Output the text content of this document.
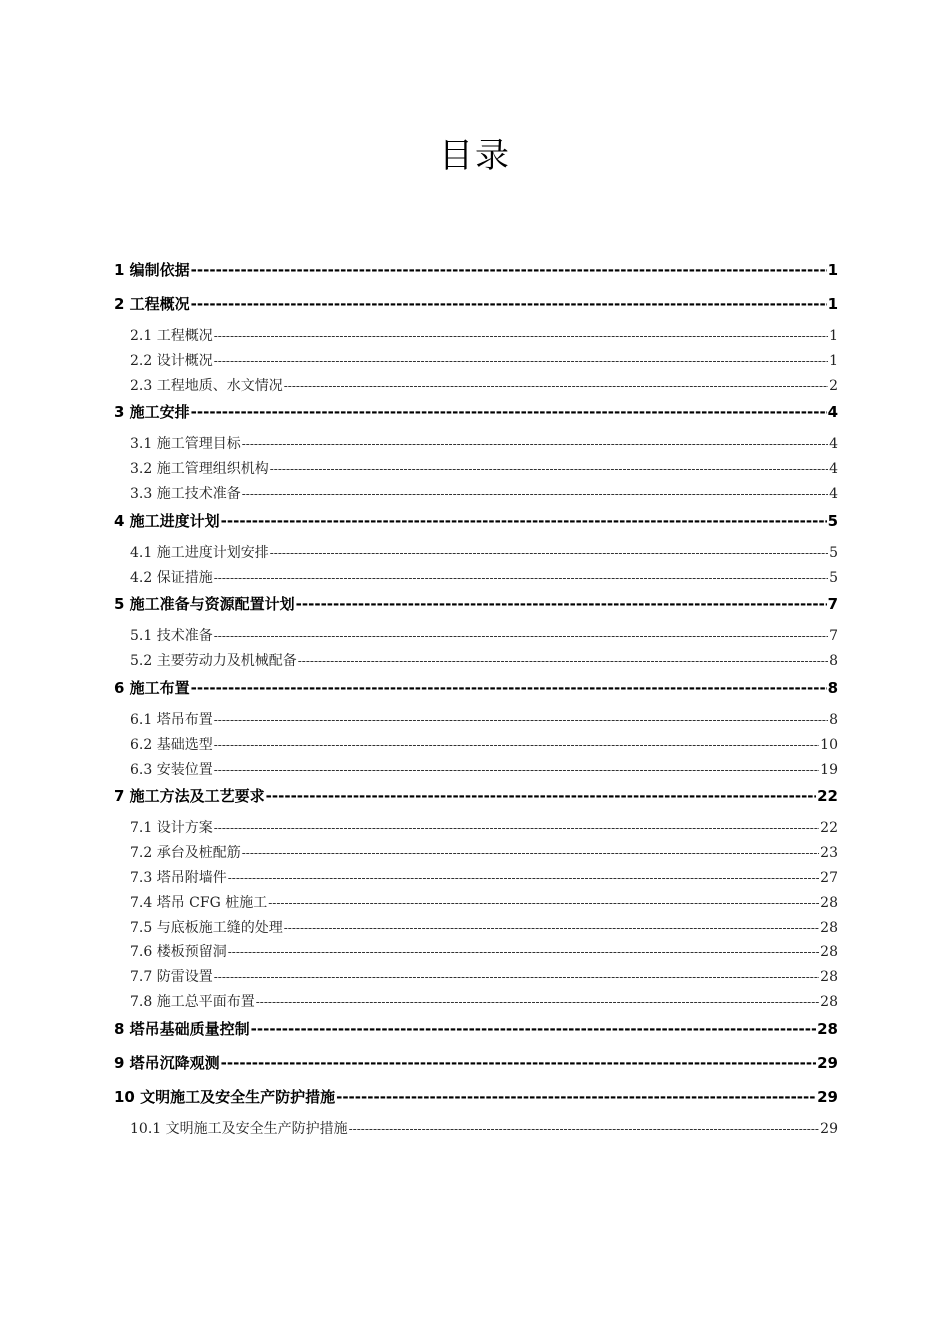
目录
1 编制依据 -----	1
2 工程概况 -----	1
2.1 工程概况 -----	1
2.2 设计概况 -----	1
2.3 工程地质、水文情况 -----	2
3 施工安排 -----	4
3.1 施工管理目标 -----	4
3.2 施工管理组织机构 -----	4
3.3 施工技术准备 -----	4
4 施工进度计划 -----	5
4.1 施工进度计划安排 -----	5
4.2 保证措施 -----	5
5 施工准备与资源配置计划 -----	7
5.1 技术准备 -----	7
5.2 主要劳动力及机械配备 -----	8
6 施工布置 -----	8
6.1 塔吊布置 -----	8
6.2 基础选型 -----	10
6.3 安装位置 -----	19
7 施工方法及工艺要求 -----	22
7.1 设计方案 -----	22
7.2 承台及桩配筋 -----	23
7.3 塔吊附墙件 -----	27
7.4 塔吊 CFG 桩施工 -----	28
7.5 与底板施工缝的处理 -----	28
7.6 楼板预留洞 -----	28
7.7 防雷设置 -----	28
7.8 施工总平面布置 -----	28
8 塔吊基础质量控制 -----	28
9 塔吊沉降观测 -----	29
10 文明施工及安全生产防护措施 -----	29
10.1 文明施工及安全生产防护措施 -----	29
